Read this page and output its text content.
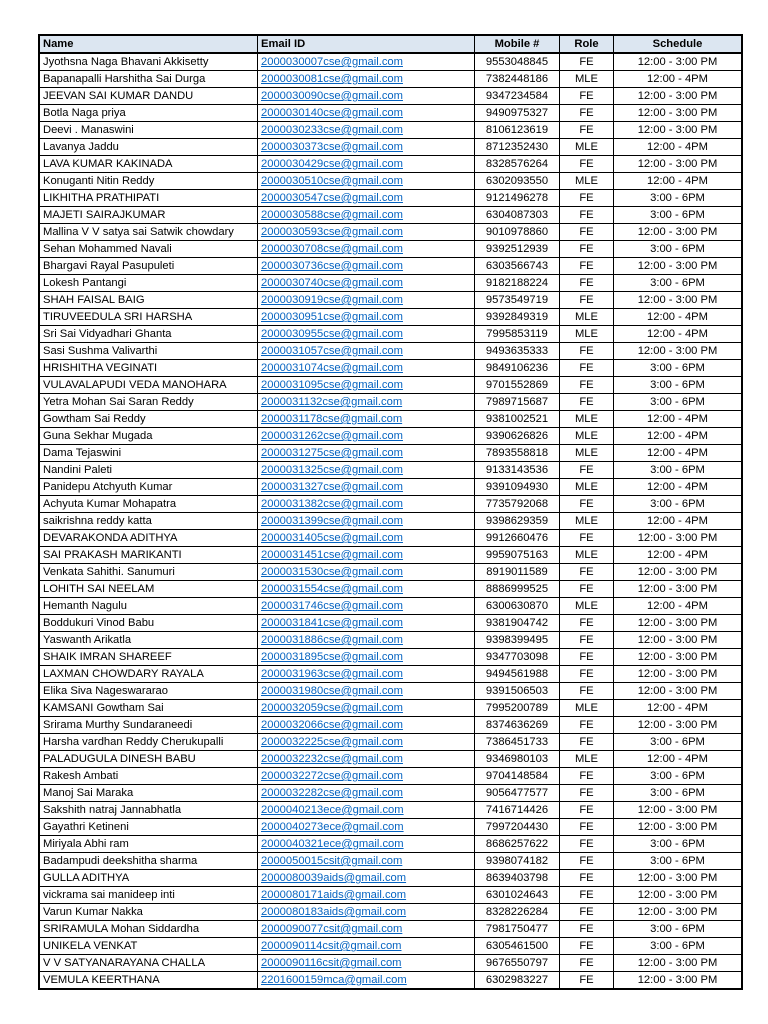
Name	Email ID	Mobile #	Role	Schedule
Jyothsna Naga Bhavani Akkisetty	2000030007cse@gmail.com	9553048845	FE	12:00 - 3:00 PM
Bapanapalli Harshitha Sai Durga	2000030081cse@gmail.com	7382448186	MLE	12:00 - 4PM
JEEVAN SAI KUMAR DANDU	2000030090cse@gmail.com	9347234584	FE	12:00 - 3:00 PM
Botla Naga priya	2000030140cse@gmail.com	9490975327	FE	12:00 - 3:00 PM
Deevi . Manaswini	2000030233cse@gmail.com	8106123619	FE	12:00 - 3:00 PM
Lavanya Jaddu	2000030373cse@gmail.com	8712352430	MLE	12:00 - 4PM
LAVA KUMAR KAKINADA	2000030429cse@gmail.com	8328576264	FE	12:00 - 3:00 PM
Konuganti Nitin Reddy	2000030510cse@gmail.com	6302093550	MLE	12:00 - 4PM
LIKHITHA PRATHIPATI	2000030547cse@gmail.com	9121496278	FE	3:00 - 6PM
MAJETI SAIRAJKUMAR	2000030588cse@gmail.com	6304087303	FE	3:00 - 6PM
Mallina V V satya sai Satwik chowdary	2000030593cse@gmail.com	9010978860	FE	12:00 - 3:00 PM
Sehan Mohammed Navali	2000030708cse@gmail.com	9392512939	FE	3:00 - 6PM
Bhargavi Rayal Pasupuleti	2000030736cse@gmail.com	6303566743	FE	12:00 - 3:00 PM
Lokesh Pantangi	2000030740cse@gmail.com	9182188224	FE	3:00 - 6PM
SHAH FAISAL BAIG	2000030919cse@gmail.com	9573549719	FE	12:00 - 3:00 PM
TIRUVEEDULA SRI HARSHA	2000030951cse@gmail.com	9392849319	MLE	12:00 - 4PM
Sri Sai Vidyadhari Ghanta	2000030955cse@gmail.com	7995853119	MLE	12:00 - 4PM
Sasi Sushma Valivarthi	2000031057cse@gmail.com	9493635333	FE	12:00 - 3:00 PM
HRISHITHA VEGINATI	2000031074cse@gmail.com	9849106236	FE	3:00 - 6PM
VULAVALAPUDI VEDA MANOHARA	2000031095cse@gmail.com	9701552869	FE	3:00 - 6PM
Yetra Mohan Sai Saran Reddy	2000031132cse@gmail.com	7989715687	FE	3:00 - 6PM
Gowtham Sai Reddy	2000031178cse@gmail.com	9381002521	MLE	12:00 - 4PM
Guna Sekhar Mugada	2000031262cse@gmail.com	9390626826	MLE	12:00 - 4PM
Dama Tejaswini	2000031275cse@gmail.com	7893558818	MLE	12:00 - 4PM
Nandini Paleti	2000031325cse@gmail.com	9133143536	FE	3:00 - 6PM
Panidepu Atchyuth Kumar	2000031327cse@gmail.com	9391094930	MLE	12:00 - 4PM
Achyuta Kumar Mohapatra	2000031382cse@gmail.com	7735792068	FE	3:00 - 6PM
saikrishna reddy katta	2000031399cse@gmail.com	9398629359	MLE	12:00 - 4PM
DEVARAKONDA ADITHYA	2000031405cse@gmail.com	9912660476	FE	12:00 - 3:00 PM
SAI PRAKASH MARIKANTI	2000031451cse@gmail.com	9959075163	MLE	12:00 - 4PM
Venkata Sahithi. Sanumuri	2000031530cse@gmail.com	8919011589	FE	12:00 - 3:00 PM
LOHITH SAI NEELAM	2000031554cse@gmail.com	8886999525	FE	12:00 - 3:00 PM
Hemanth Nagulu	2000031746cse@gmail.com	6300630870	MLE	12:00 - 4PM
Boddukuri Vinod Babu	2000031841cse@gmail.com	9381904742	FE	12:00 - 3:00 PM
Yaswanth Arikatla	2000031886cse@gmail.com	9398399495	FE	12:00 - 3:00 PM
SHAIK IMRAN SHAREEF	2000031895cse@gmail.com	9347703098	FE	12:00 - 3:00 PM
LAXMAN CHOWDARY RAYALA	2000031963cse@gmail.com	9494561988	FE	12:00 - 3:00 PM
Elika Siva Nageswararao	2000031980cse@gmail.com	9391506503	FE	12:00 - 3:00 PM
KAMSANI Gowtham Sai	2000032059cse@gmail.com	7995200789	MLE	12:00 - 4PM
Srirama Murthy Sundaraneedi	2000032066cse@gmail.com	8374636269	FE	12:00 - 3:00 PM
Harsha vardhan Reddy Cherukupalli	2000032225cse@gmail.com	7386451733	FE	3:00 - 6PM
PALADUGULA DINESH BABU	2000032232cse@gmail.com	9346980103	MLE	12:00 - 4PM
Rakesh Ambati	2000032272cse@gmail.com	9704148584	FE	3:00 - 6PM
Manoj Sai Maraka	2000032282cse@gmail.com	9056477577	FE	3:00 - 6PM
Sakshith natraj Jannabhatla	2000040213ece@gmail.com	7416714426	FE	12:00 - 3:00 PM
Gayathri Ketineni	2000040273ece@gmail.com	7997204430	FE	12:00 - 3:00 PM
Miriyala Abhi ram	2000040321ece@gmail.com	8686257622	FE	3:00 - 6PM
Badampudi deekshitha sharma	2000050015csit@gmail.com	9398074182	FE	3:00 - 6PM
GULLA ADITHYA	2000080039aids@gmail.com	8639403798	FE	12:00 - 3:00 PM
vickrama sai manideep inti	2000080171aids@gmail.com	6301024643	FE	12:00 - 3:00 PM
Varun Kumar Nakka	2000080183aids@gmail.com	8328226284	FE	12:00 - 3:00 PM
SRIRAMULA Mohan Siddardha	2000090077csit@gmail.com	7981750477	FE	3:00 - 6PM
UNIKELA VENKAT	2000090114csit@gmail.com	6305461500	FE	3:00 - 6PM
V V SATYANARAYANA CHALLA	2000090116csit@gmail.com	9676550797	FE	12:00 - 3:00 PM
VEMULA KEERTHANA	2201600159mca@gmail.com	6302983227	FE	12:00 - 3:00 PM
